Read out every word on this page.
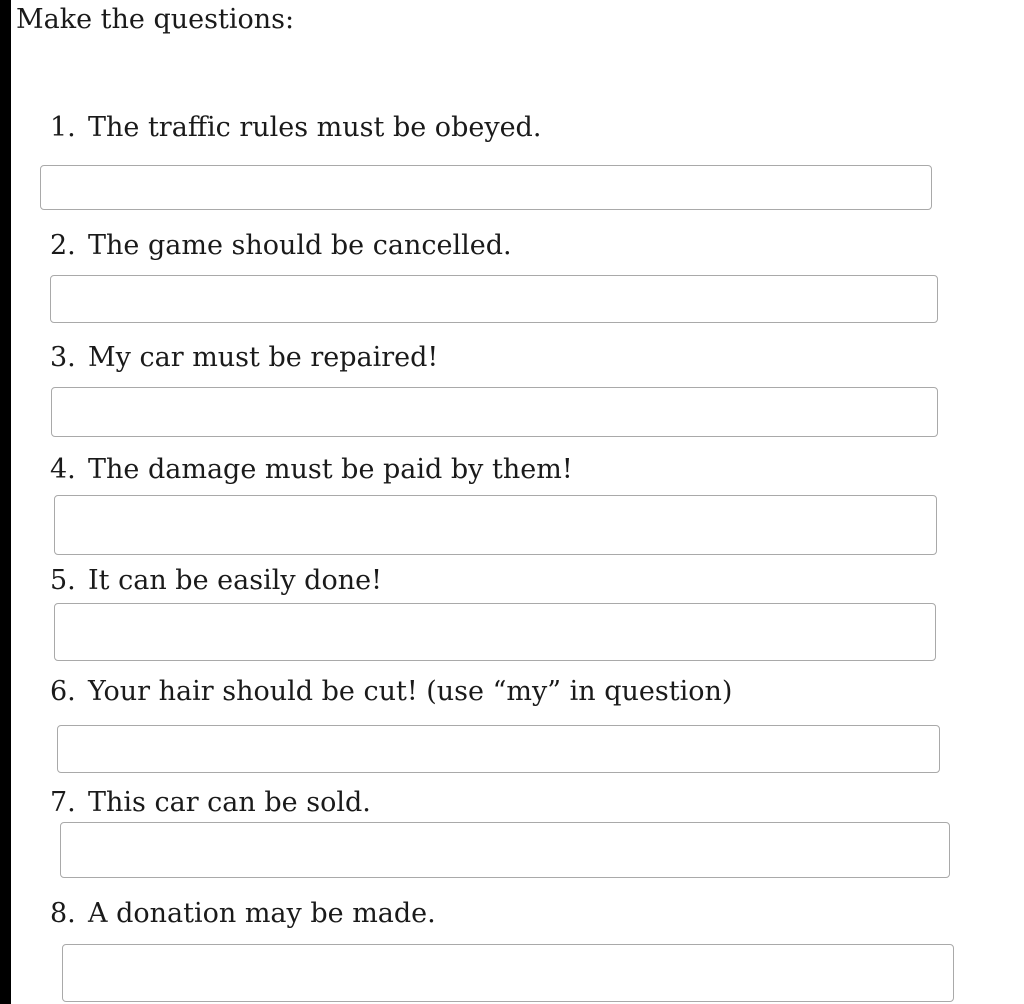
Make the questions:
1. The traffic rules must be obeyed.
2. The game should be cancelled.
3. My car must be repaired!
4. The damage must be paid by them!
5. It can be easily done!
6. Your hair should be cut! (use “my” in question)
7. This car can be sold.
8. A donation may be made.
